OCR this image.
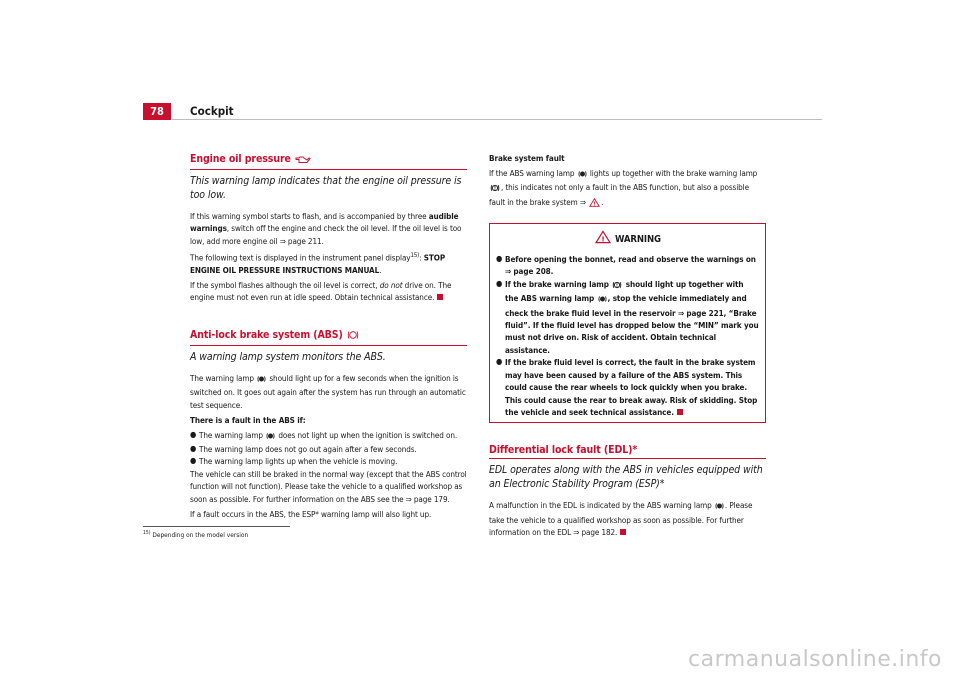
78	Cockpit
Engine oil pressure
This warning lamp indicates that the engine oil pressure is too low.

If this warning symbol starts to flash, and is accompanied by three audible warnings, switch off the engine and check the oil level. If the oil level is too low, add more engine oil ⇒ page 211.

The following text is displayed in the instrument panel display$^{15)}$: STOP ENGINE OIL PRESSURE INSTRUCTIONS MANUAL.

If the symbol flashes although the oil level is correct, do not drive on. The engine must not even run at idle speed. Obtain technical assistance.

Anti-lock brake system (ABS)
A warning lamp system monitors the ABS.

The warning lamp should light up for a few seconds when the ignition is switched on. It goes out again after the system has run through an automatic test sequence.

There is a fault in the ABS if:

● The warning lamp does not light up when the ignition is switched on.
● The warning lamp does not go out again after a few seconds.
● The warning lamp lights up when the vehicle is moving.

The vehicle can still be braked in the normal way (except that the ABS control function will not function). Please take the vehicle to a qualified workshop as soon as possible. For further information on the ABS see the ⇒ page 179.

If a fault occurs in the ABS, the ESP* warning lamp will also light up.

Brake system fault

If the ABS warning lamp lights up together with the brake warning lamp
! , this indicates not only a fault in the ABS function, but also a possible fault in the brake system ⇒ ! .

! WARNING
● Before opening the bonnet, read and observe the warnings on ⇒ page 208.
● If the brake warning lamp ! should light up together with the ABS warning lamp , stop the vehicle immediately and check the brake fluid level in the reservoir ⇒ page 221, “Brake fluid”. If the fluid level has dropped below the “MIN” mark you must not drive on. Risk of accident. Obtain technical assistance.
● If the brake fluid level is correct, the fault in the brake system may have been caused by a failure of the ABS system. This could cause the rear wheels to lock quickly when you brake. This could cause the rear to break away. Risk of skidding. Stop the vehicle and seek technical assistance.
Differential lock fault (EDL)*
EDL operates along with the ABS in vehicles equipped with an Electronic Stability Program (ESP)*

A malfunction in the EDL is indicated by the ABS warning lamp . Please take the vehicle to a qualified workshop as soon as possible. For further information on the EDL ⇒ page 182.

$^{15)}$ Depending on the model version
carmanualsonline.info
